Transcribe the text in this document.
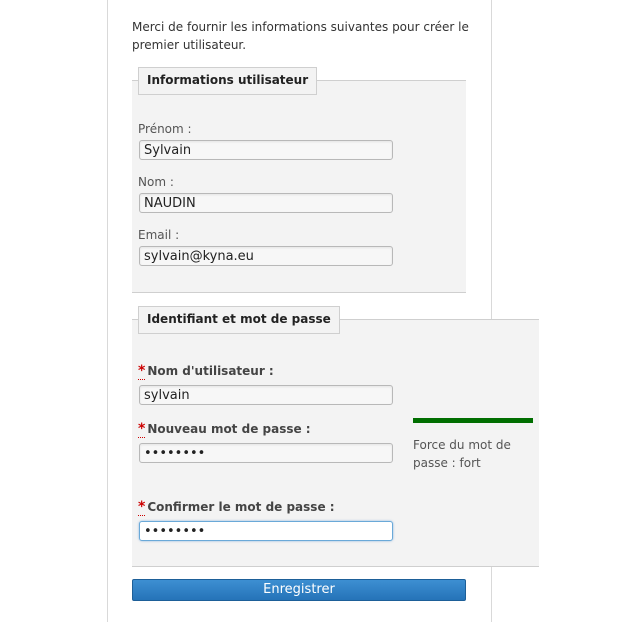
Merci de fournir les informations suivantes pour créer le premier utilisateur.

Informations utilisateur
Prénom :
Sylvain
Nom :
NAUDIN
Email :
sylvain@kyna.eu
Identifiant et mot de passe
* Nom d'utilisateur :
sylvain
* Nouveau mot de passe :
••••••••
Force du mot de passe : fort
* Confirmer le mot de passe :
••••••••
Enregistrer
